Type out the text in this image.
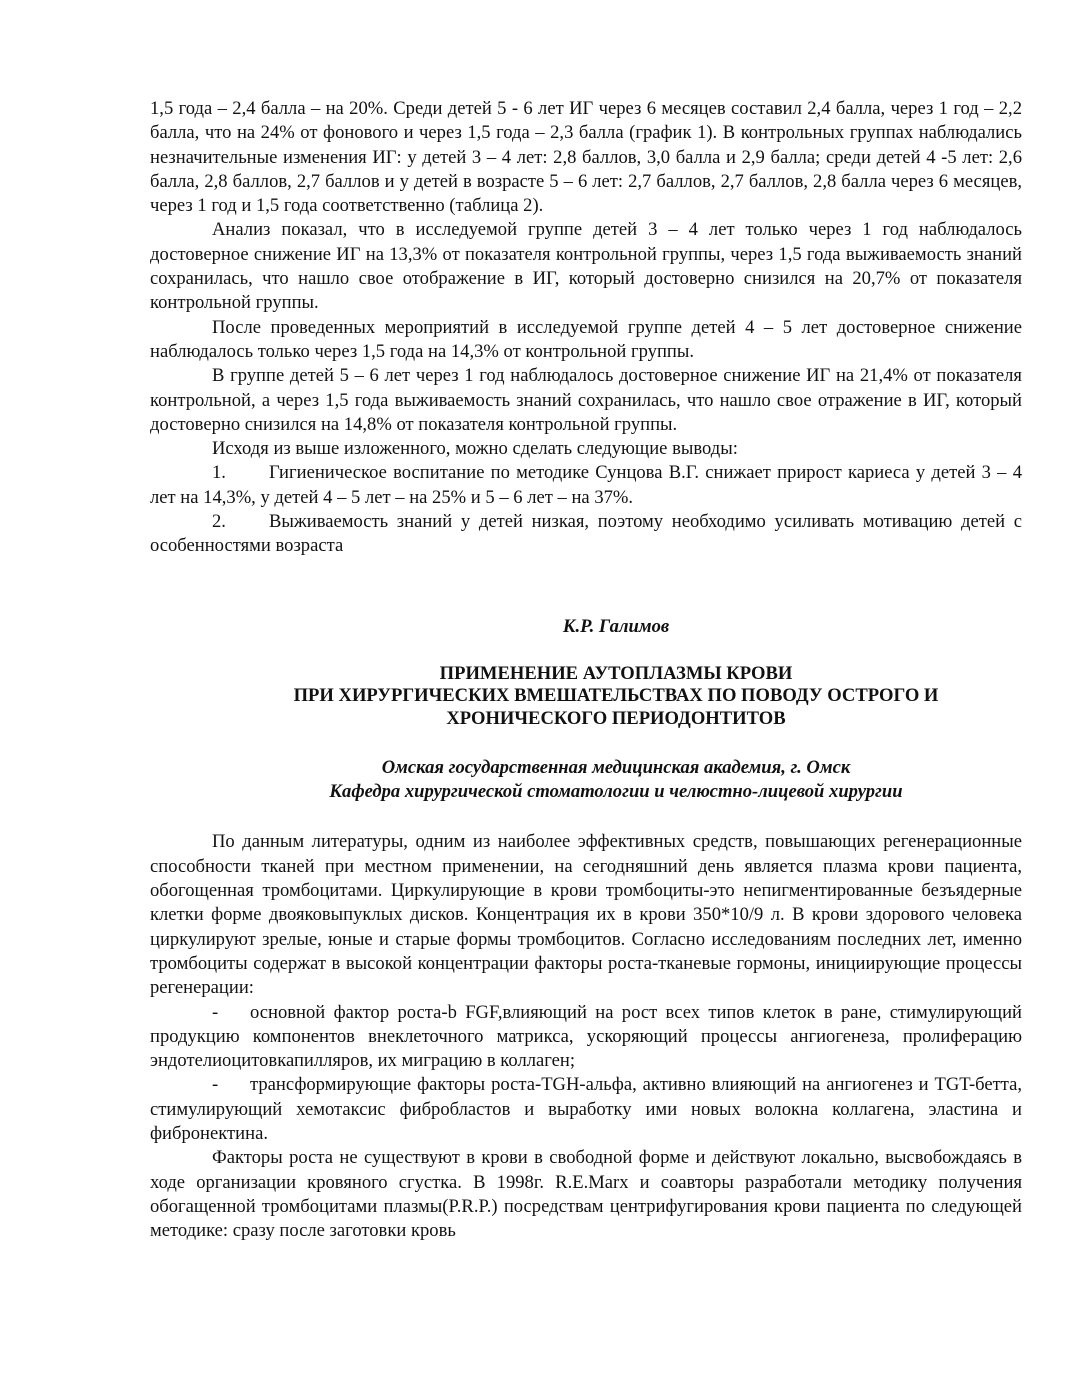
1,5 года – 2,4 балла – на 20%. Среди детей 5 - 6 лет ИГ через 6 месяцев составил 2,4 балла, через 1 год – 2,2 балла, что на 24% от фонового и через 1,5 года – 2,3 балла (график 1). В контрольных группах наблюдались незначительные изменения ИГ: у детей 3 – 4 лет: 2,8 баллов, 3,0 балла и 2,9 балла; среди детей 4 -5 лет: 2,6 балла, 2,8 баллов, 2,7 баллов и у детей в возрасте 5 – 6 лет: 2,7 баллов, 2,7 баллов, 2,8 балла через 6 месяцев, через 1 год и 1,5 года соответственно (таблица 2).

Анализ показал, что в исследуемой группе детей 3 – 4 лет только через 1 год наблюдалось достоверное снижение ИГ на 13,3% от показателя контрольной группы, через 1,5 года выживаемость знаний сохранилась, что нашло свое отображение в ИГ, который достоверно снизился на 20,7% от показателя контрольной группы.

После проведенных мероприятий в исследуемой группе детей 4 – 5 лет достоверное снижение наблюдалось только через 1,5 года на 14,3% от контрольной группы.

В группе детей 5 – 6 лет через 1 год наблюдалось достоверное снижение ИГ на 21,4% от показателя контрольной, а через 1,5 года выживаемость знаний сохранилась, что нашло свое отражение в ИГ, который достоверно снизился на 14,8% от показателя контрольной группы.

Исходя из выше изложенного, можно сделать следующие выводы:

1. Гигиеническое воспитание по методике Сунцова В.Г. снижает прирост кариеса у детей 3 – 4 лет на 14,3%, у детей 4 – 5 лет – на 25% и 5 – 6 лет – на 37%.

2. Выживаемость знаний у детей низкая, поэтому необходимо усиливать мотивацию детей с особенностями возраста

К.Р. Галимов
ПРИМЕНЕНИЕ АУТОПЛАЗМЫ КРОВИ
ПРИ ХИРУРГИЧЕСКИХ ВМЕШАТЕЛЬСТВАХ ПО ПОВОДУ ОСТРОГО И
ХРОНИЧЕСКОГО ПЕРИОДОНТИТОВ
Омская государственная медицинская академия, г. Омск
Кафедра хирургической стоматологии и челюстно-лицевой хирургии

По данным литературы, одним из наиболее эффективных средств, повышающих регенерационные способности тканей при местном применении, на сегодняшний день является плазма крови пациента, обогощенная тромбоцитами. Циркулирующие в крови тромбоциты-это непигментированные безъядерные клетки форме двояковыпуклых дисков. Концентрация их в крови 350*10/9 л. В крови здорового человека циркулируют зрелые, юные и старые формы тромбоцитов. Согласно исследованиям последних лет, именно тромбоциты содержат в высокой концентрации факторы роста-тканевые гормоны, инициирующие процессы регенерации:

- основной фактор роста-b FGF,влияющий на рост всех типов клеток в ране, стимулирующий продукцию компонентов внеклеточного матрикса, ускоряющий процессы ангиогенеза, пролиферацию эндотелиоцитовкапилляров, их миграцию в коллаген;

- трансформирующие факторы роста-TGH-альфа, активно влияющий на ангиогенез и TGT-бетта, стимулирующий хемотаксис фибробластов и выработку ими новых волокна коллагена, эластина и фибронектина.

Факторы роста не существуют в крови в свободной форме и действуют локально, высвобождаясь в ходе организации кровяного сгустка. В 1998г. R.E.Marx и соавторы разработали методику получения обогащенной тромбоцитами плазмы(P.R.P.) посредствам центрифугирования крови пациента по следующей методике: сразу после заготовки кровь
